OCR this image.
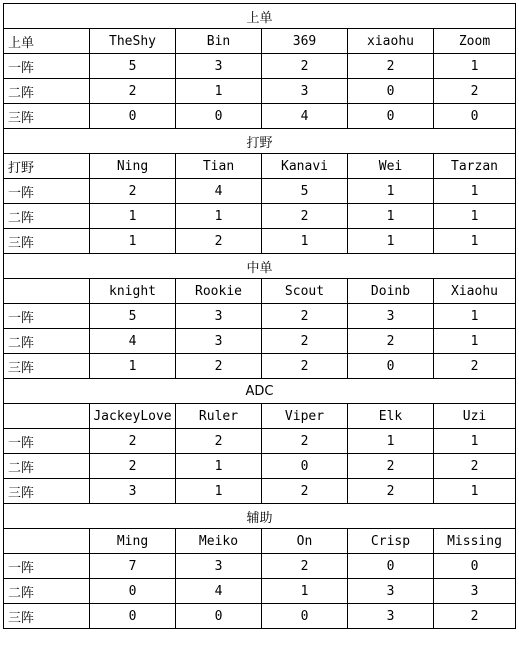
上单					
上单	TheShy	Bin	369	xiaohu	Zoom
一阵	5	3	2	2	1
二阵	2	1	3	0	2
三阵	0	0	4	0	0
打野					
打野	Ning	Tian	Kanavi	Wei	Tarzan
一阵	2	4	5	1	1
二阵	1	1	2	1	1
三阵	1	2	1	1	1
中单					
	knight	Rookie	Scout	Doinb	Xiaohu
一阵	5	3	2	3	1
二阵	4	3	2	2	1
三阵	1	2	2	0	2
ADC					
	JackeyLove	Ruler	Viper	Elk	Uzi
一阵	2	2	2	1	1
二阵	2	1	0	2	2
三阵	3	1	2	2	1
辅助					
	Ming	Meiko	On	Crisp	Missing
一阵	7	3	2	0	0
二阵	0	4	1	3	3
三阵	0	0	0	3	2
